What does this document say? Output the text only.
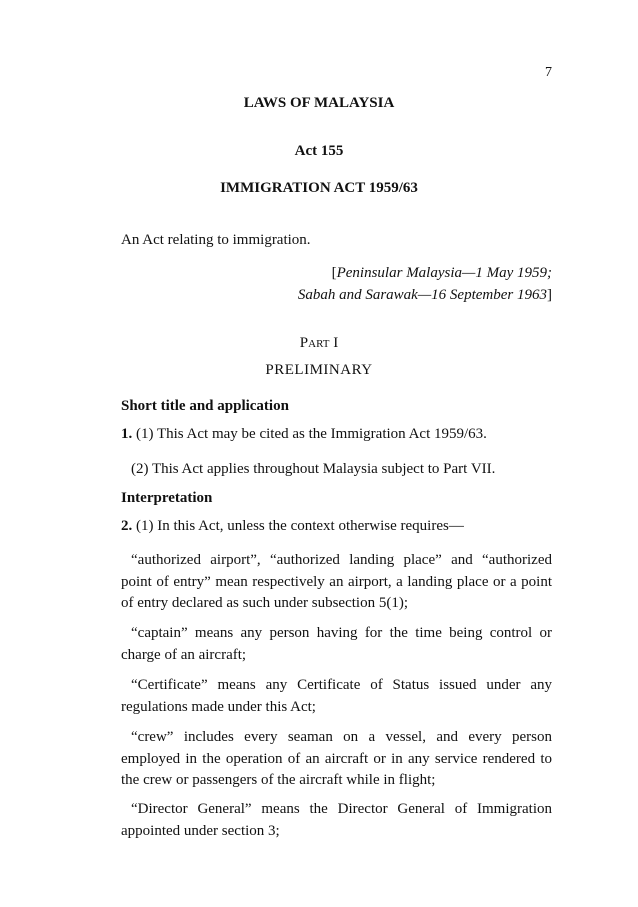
7
LAWS OF MALAYSIA
Act 155
IMMIGRATION ACT 1959/63
An Act relating to immigration.
[Peninsular Malaysia—1 May 1959;
Sabah and Sarawak—16 September 1963]
Part I
PRELIMINARY
Short title and application
1. (1) This Act may be cited as the Immigration Act 1959/63.
(2) This Act applies throughout Malaysia subject to Part VII.
Interpretation
2. (1) In this Act, unless the context otherwise requires—
“authorized airport”, “authorized landing place” and “authorized point of entry” mean respectively an airport, a landing place or a point of entry declared as such under subsection 5(1);
“captain” means any person having for the time being control or charge of an aircraft;
“Certificate” means any Certificate of Status issued under any regulations made under this Act;
“crew” includes every seaman on a vessel, and every person employed in the operation of an aircraft or in any service rendered to the crew or passengers of the aircraft while in flight;
“Director General” means the Director General of Immigration appointed under section 3;
